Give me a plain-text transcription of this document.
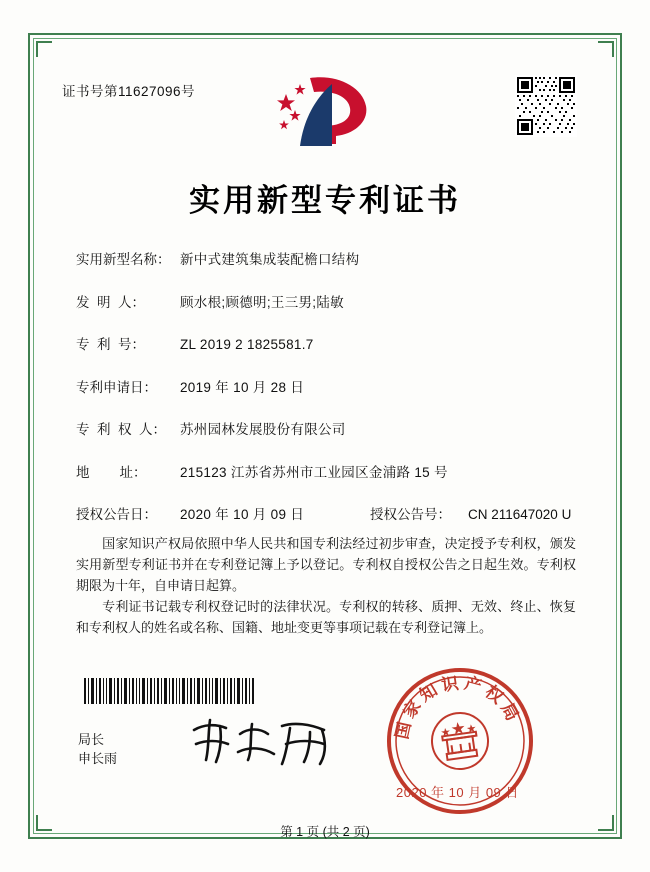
证书号第11627096号
实用新型专利证书
实用新型名称： 新中式建筑集成装配檐口结构
发  明  人：	顾水根;顾德明;王三男;陆敏
专  利  号：	ZL 2019 2 1825581.7
专利申请日：	2019 年 10 月 28 日
专  利  权  人：	苏州园林发展股份有限公司
地        址：	215123 江苏省苏州市工业园区金浦路 15 号
授权公告日：	2020 年 10 月 09 日	授权公告号：	CN 211647020 U
国家知识产权局依照中华人民共和国专利法经过初步审查，决定授予专利权，颁发实用新型专利证书并在专利登记簿上予以登记。专利权自授权公告之日起生效。专利权期限为十年，自申请日起算。
专利证书记载专利权登记时的法律状况。专利权的转移、质押、无效、终止、恢复和专利权人的姓名或名称、国籍、地址变更等事项记载在专利登记簿上。
局长
申长雨
国家知识产权局
2020 年 10 月 09 日
第 1 页 (共 2 页)
